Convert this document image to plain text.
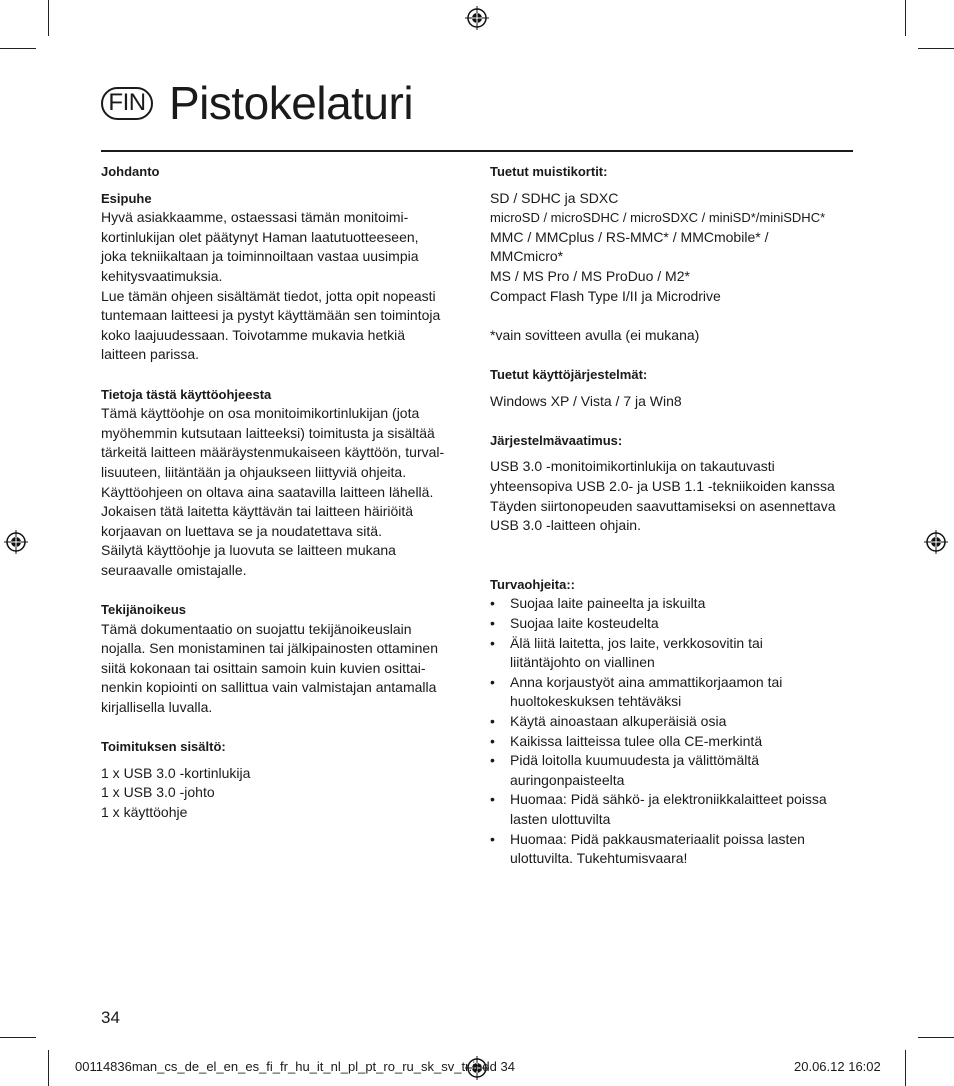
FIN Pistokelaturi
Johdanto
Esipuhe
Hyvä asiakkaamme, ostaessasi tämän monitoimi-
kortinlukijan olet päätynyt Haman laatutuotteeseen,
joka tekniikaltaan ja toiminnoiltaan vastaa uusimpia
kehitysvaatimuksia.
Lue tämän ohjeen sisältämät tiedot, jotta opit nopeasti
tuntemaan laitteesi ja pystyt käyttämään sen toimintoja
koko laajuudessaan. Toivotamme mukavia hetkiä
laitteen parissa.
Tietoja tästä käyttöohjeesta
Tämä käyttöohje on osa monitoimikortinlukijan (jota
myöhemmin kutsutaan laitteeksi) toimitusta ja sisältää
tärkeitä laitteen määräystenmukaiseen käyttöön, turval-
lisuuteen, liitäntään ja ohjaukseen liittyviä ohjeita.
Käyttöohjeen on oltava aina saatavilla laitteen lähellä.
Jokaisen tätä laitetta käyttävän tai laitteen häiriöitä
korjaavan on luettava se ja noudatettava sitä.
Säilytä käyttöohje ja luovuta se laitteen mukana
seuraavalle omistajalle.
Tekijänoikeus
Tämä dokumentaatio on suojattu tekijänoikeuslain
nojalla. Sen monistaminen tai jälkipainosten ottaminen
siitä kokonaan tai osittain samoin kuin kuvien osittai-
nenkin kopiointi on sallittua vain valmistajan antamalla
kirjallisella luvalla.
Toimituksen sisältö:
1 x USB 3.0 -kortinlukija
1 x USB 3.0 -johto
1 x käyttöohje
Tuetut muistikortit:
SD / SDHC ja SDXC
microSD / microSDHC / microSDXC / miniSD*/miniSDHC*
MMC / MMCplus / RS-MMC* / MMCmobile* /
MMCmicro*
MS / MS Pro / MS ProDuo / M2*
Compact Flash Type I/II ja Microdrive
*vain sovitteen avulla (ei mukana)
Tuetut käyttöjärjestelmät:
Windows XP / Vista / 7 ja Win8
Järjestelmävaatimus:
USB 3.0 -monitoimikortinlukija on takautuvasti
yhteensopiva USB 2.0- ja USB 1.1 -tekniikoiden kanssa
Täyden siirtonopeuden saavuttamiseksi on asennettava
USB 3.0 -laitteen ohjain.
Turvaohjeita::
• Suojaa laite paineelta ja iskuilta
• Suojaa laite kosteudelta
• Älä liitä laitetta, jos laite, verkkosovitin tai
liitäntäjohto on viallinen
• Anna korjaustyöt aina ammattikorjaamon tai
huoltokeskuksen tehtäväksi
• Käytä ainoastaan alkuperäisiä osia
• Kaikissa laitteissa tulee olla CE-merkintä
• Pidä loitolla kuumuudesta ja välittömältä
auringonpaisteelta
• Huomaa: Pidä sähkö- ja elektroniikkalaitteet poissa
lasten ulottuvilta
• Huomaa: Pidä pakkausmateriaalit poissa lasten
ulottuvilta. Tukehtumisvaara!
34
00114836man_cs_de_el_en_es_fi_fr_hu_it_nl_pl_pt_ro_ru_sk_sv_tr.indd 34	20.06.12 16:02
